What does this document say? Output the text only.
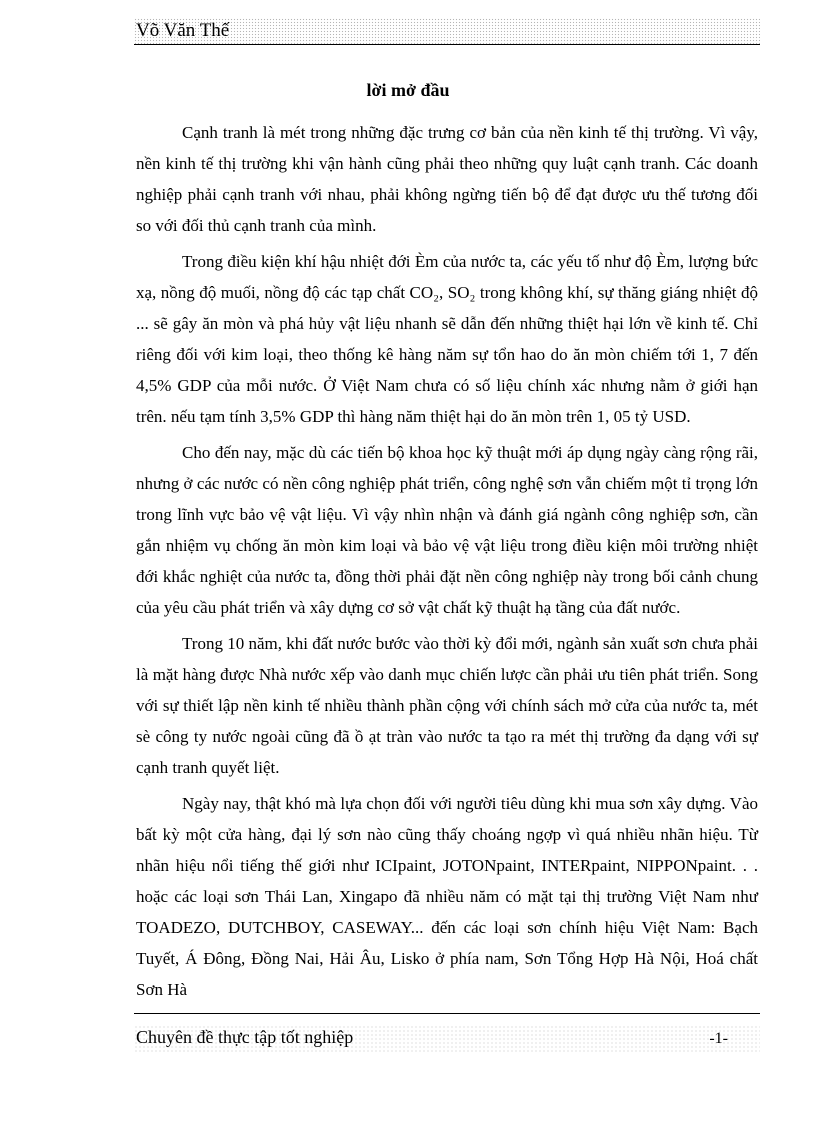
Võ Văn Thế
lời mở đầu

Cạnh tranh là mét trong những đặc trưng cơ bản của nền kinh tế thị trường. Vì vậy, nền kinh tế thị trường khi vận hành cũng phải theo những quy luật cạnh tranh. Các doanh nghiệp phải cạnh tranh với nhau, phải không ngừng tiến bộ để đạt được ưu thế tương đối so với đối thủ cạnh tranh của mình.

Trong điều kiện khí hậu nhiệt đới Èm của nước ta, các yếu tố như độ Èm, lượng bức xạ, nồng độ muối, nồng độ các tạp chất CO₂, SO₂ trong không khí, sự thăng giáng nhiệt độ ... sẽ gây ăn mòn và phá hủy vật liệu nhanh sẽ dẫn đến những thiệt hại lớn về kinh tế. Chỉ riêng đối với kim loại, theo thống kê hàng năm sự tổn hao do ăn mòn chiếm tới 1, 7 đến 4,5% GDP của mỗi nước. Ở Việt Nam chưa có số liệu chính xác nhưng nằm ở giới hạn trên. nếu tạm tính 3,5% GDP thì hàng năm thiệt hại do ăn mòn trên 1, 05 tỷ USD.

Cho đến nay, mặc dù các tiến bộ khoa học kỹ thuật mới áp dụng ngày càng rộng rãi, nhưng ở các nước có nền công nghiệp phát triển, công nghệ sơn vẫn chiếm một tỉ trọng lớn trong lĩnh vực bảo vệ vật liệu. Vì vậy nhìn nhận và đánh giá ngành công nghiệp sơn, cần gắn nhiệm vụ chống ăn mòn kim loại và bảo vệ vật liệu trong điều kiện môi trường nhiệt đới khắc nghiệt của nước ta, đồng thời phải đặt nền công nghiệp này trong bối cảnh chung của yêu cầu phát triển và xây dựng cơ sở vật chất kỹ thuật hạ tầng của đất nước.

Trong 10 năm, khi đất nước bước vào thời kỳ đổi mới, ngành sản xuất sơn chưa phải là mặt hàng được Nhà nước xếp vào danh mục chiến lược cần phải ưu tiên phát triển. Song với sự thiết lập nền kinh tế nhiều thành phần cộng với chính sách mở cửa của nước ta, mét sè công ty nước ngoài cũng đã ồ ạt tràn vào nước ta tạo ra mét thị trường đa dạng với sự cạnh tranh quyết liệt.

Ngày nay, thật khó mà lựa chọn đối với người tiêu dùng khi mua sơn xây dựng. Vào bất kỳ một cửa hàng, đại lý sơn nào cũng thấy choáng ngợp vì quá nhiều nhãn hiệu. Từ nhãn hiệu nổi tiếng thế giới như ICIpaint, JOTONpaint, INTERpaint, NIPPONpaint. . . hoặc các loại sơn Thái Lan, Xingapo đã nhiều năm có mặt tại thị trường Việt Nam như TOADEZO, DUTCHBOY, CASEWAY... đến các loại sơn chính hiệu Việt Nam: Bạch Tuyết, Á Đông, Đồng Nai, Hải Âu, Lisko ở phía nam, Sơn Tổng Hợp Hà Nội, Hoá chất Sơn Hà

Chuyên đề thực tập tốt nghiệp	-1-
